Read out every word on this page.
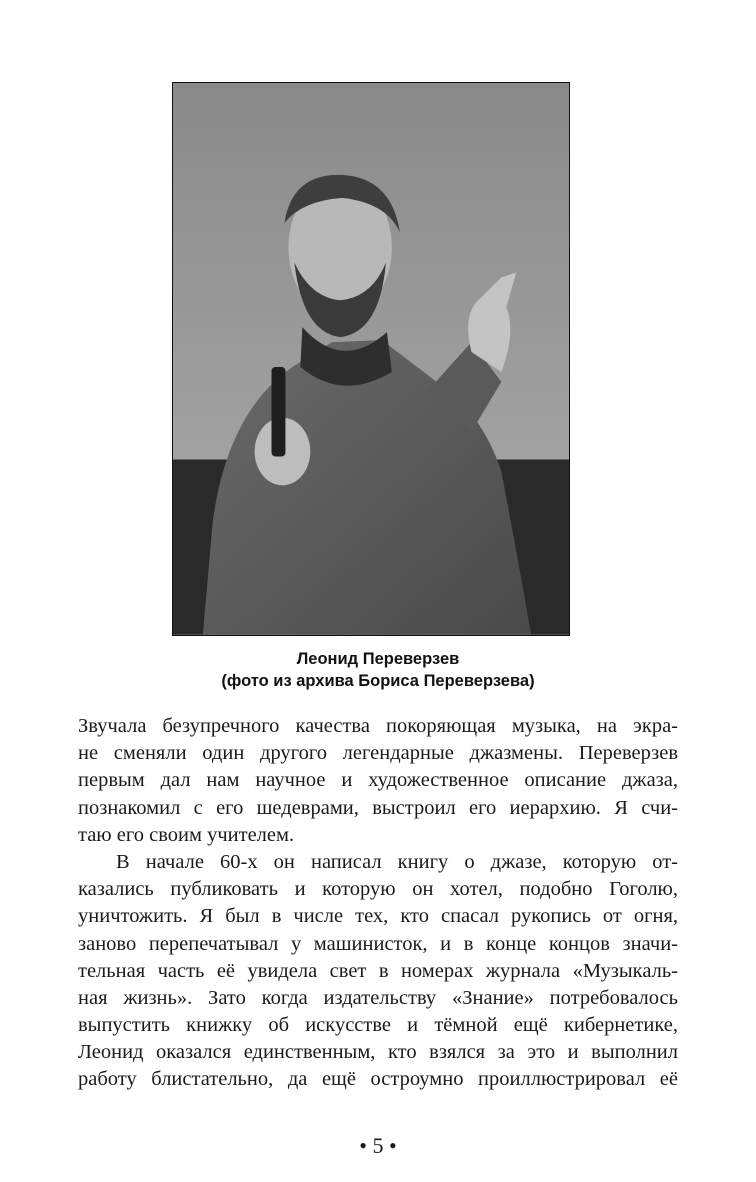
Леонид Переверзев
(фото из архива Бориса Переверзева)
Звучала безупречного качества покоряющая музыка, на экра-
не сменяли один другого легендарные джазмены. Переверзев
первым дал нам научное и художественное описание джаза,
познакомил с его шедеврами, выстроил его иерархию. Я счи-
таю его своим учителем.
В начале 60-х он написал книгу о джазе, которую от-
казались публиковать и которую он хотел, подобно Гоголю,
уничтожить. Я был в числе тех, кто спасал рукопись от огня,
заново перепечатывал у машинисток, и в конце концов значи-
тельная часть её увидела свет в номерах журнала «Музыкаль-
ная жизнь». Зато когда издательству «Знание» потребовалось
выпустить книжку об искусстве и тёмной ещё кибернетике,
Леонид оказался единственным, кто взялся за это и выполнил
работу блистательно, да ещё остроумно проиллюстрировал её
• 5 •
